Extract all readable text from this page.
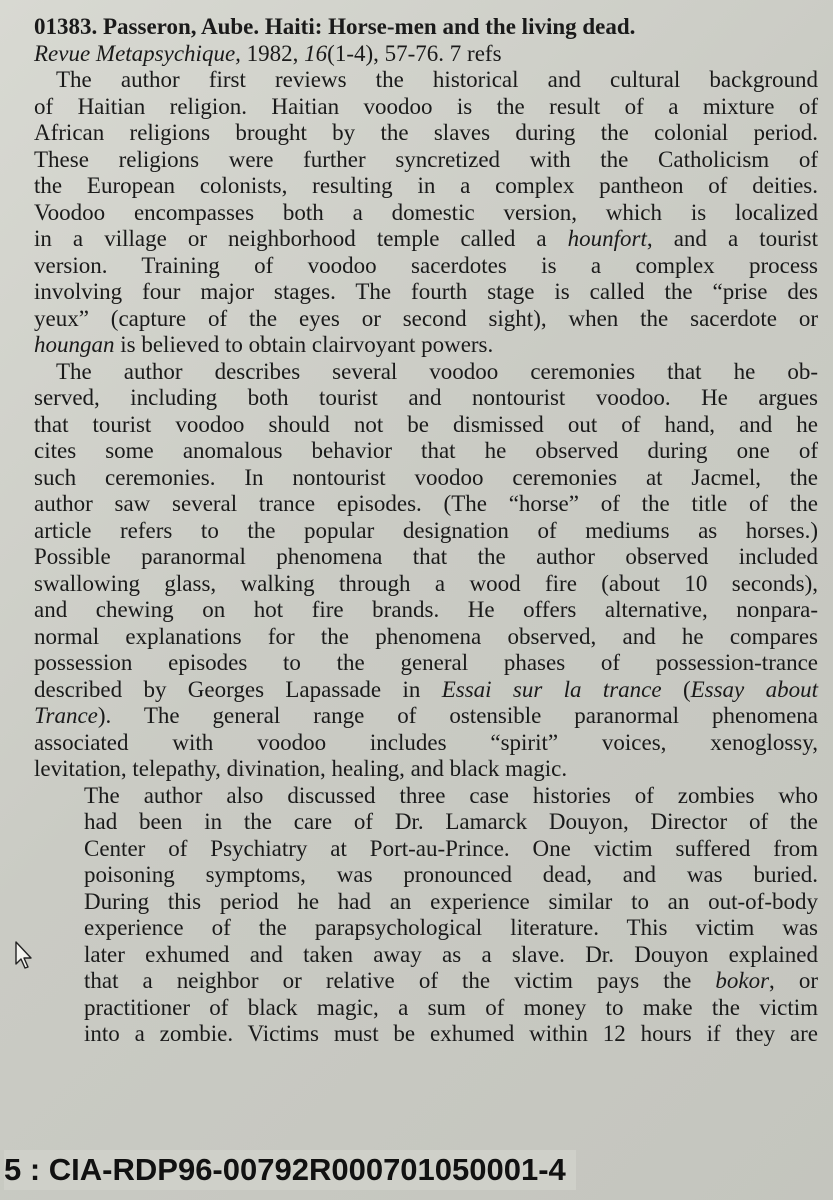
01383. Passeron, Aube. Haiti: Horse-men and the living dead.
Revue Metapsychique, 1982, 16(1-4), 57-76. 7 refs
The author first reviews the historical and cultural background
of Haitian religion. Haitian voodoo is the result of a mixture of
African religions brought by the slaves during the colonial period.
These religions were further syncretized with the Catholicism of
the European colonists, resulting in a complex pantheon of deities.
Voodoo encompasses both a domestic version, which is localized
in a village or neighborhood temple called a hounfort, and a tourist
version. Training of voodoo sacerdotes is a complex process
involving four major stages. The fourth stage is called the “prise des
yeux” (capture of the eyes or second sight), when the sacerdote or
houngan is believed to obtain clairvoyant powers.
The author describes several voodoo ceremonies that he ob-
served, including both tourist and nontourist voodoo. He argues
that tourist voodoo should not be dismissed out of hand, and he
cites some anomalous behavior that he observed during one of
such ceremonies. In nontourist voodoo ceremonies at Jacmel, the
author saw several trance episodes. (The “horse” of the title of the
article refers to the popular designation of mediums as horses.)
Possible paranormal phenomena that the author observed included
swallowing glass, walking through a wood fire (about 10 seconds),
and chewing on hot fire brands. He offers alternative, nonpara-
normal explanations for the phenomena observed, and he compares
possession episodes to the general phases of possession-trance
described by Georges Lapassade in Essai sur la trance (Essay about
Trance). The general range of ostensible paranormal phenomena
associated with voodoo includes “spirit” voices, xenoglossy,
levitation, telepathy, divination, healing, and black magic.
The author also discussed three case histories of zombies who
had been in the care of Dr. Lamarck Douyon, Director of the
Center of Psychiatry at Port-au-Prince. One victim suffered from
poisoning symptoms, was pronounced dead, and was buried.
During this period he had an experience similar to an out-of-body
experience of the parapsychological literature. This victim was
later exhumed and taken away as a slave. Dr. Douyon explained
that a neighbor or relative of the victim pays the bokor, or
practitioner of black magic, a sum of money to make the victim
into a zombie. Victims must be exhumed within 12 hours if they are
5 : CIA-RDP96-00792R000701050001-4
